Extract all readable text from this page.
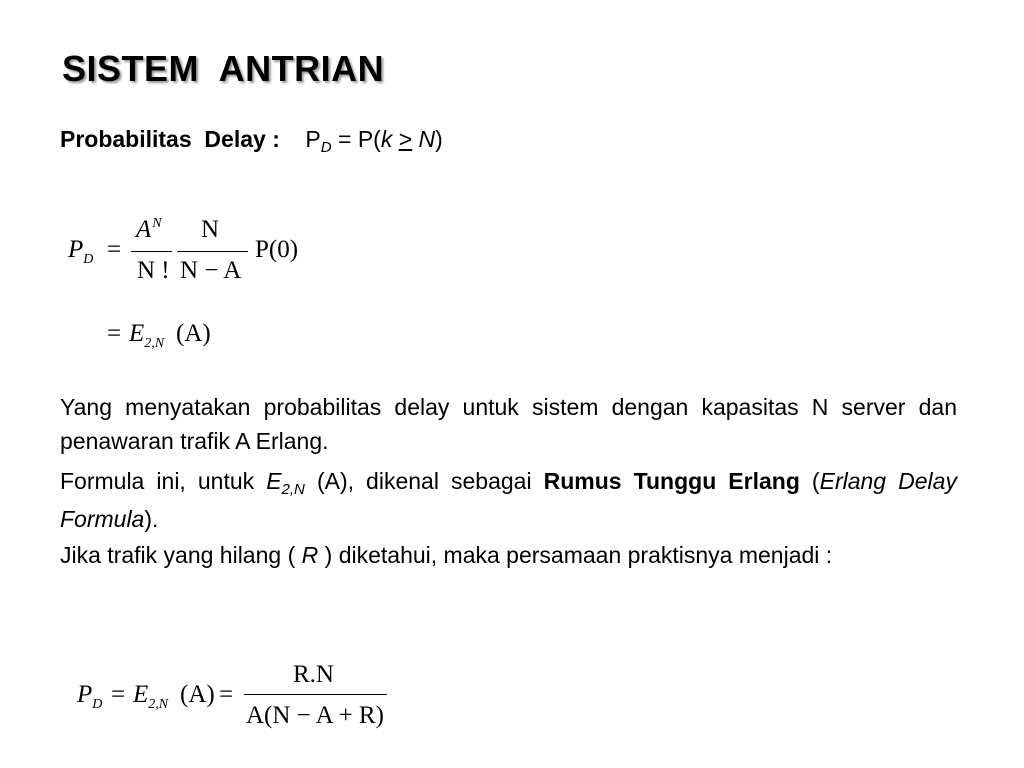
SISTEM  ANTRIAN
Probabilitas  Delay : $P_D = P(k \ge N)$
$P_D$ =
$A^N$
N !
N
N − A
P(0)
= $E_{2,N}$ (A)
Yang menyatakan probabilitas delay untuk sistem dengan kapasitas N server dan penawaran trafik A Erlang.
Formula ini, untuk $E_{2,N}$ (A), dikenal sebagai Rumus Tunggu Erlang (Erlang Delay Formula).
Jika trafik yang hilang ( R ) diketahui, maka persamaan praktisnya menjadi :
$P_D = E_{2,N}$ (A) =
R.N
A(N − A + R)
